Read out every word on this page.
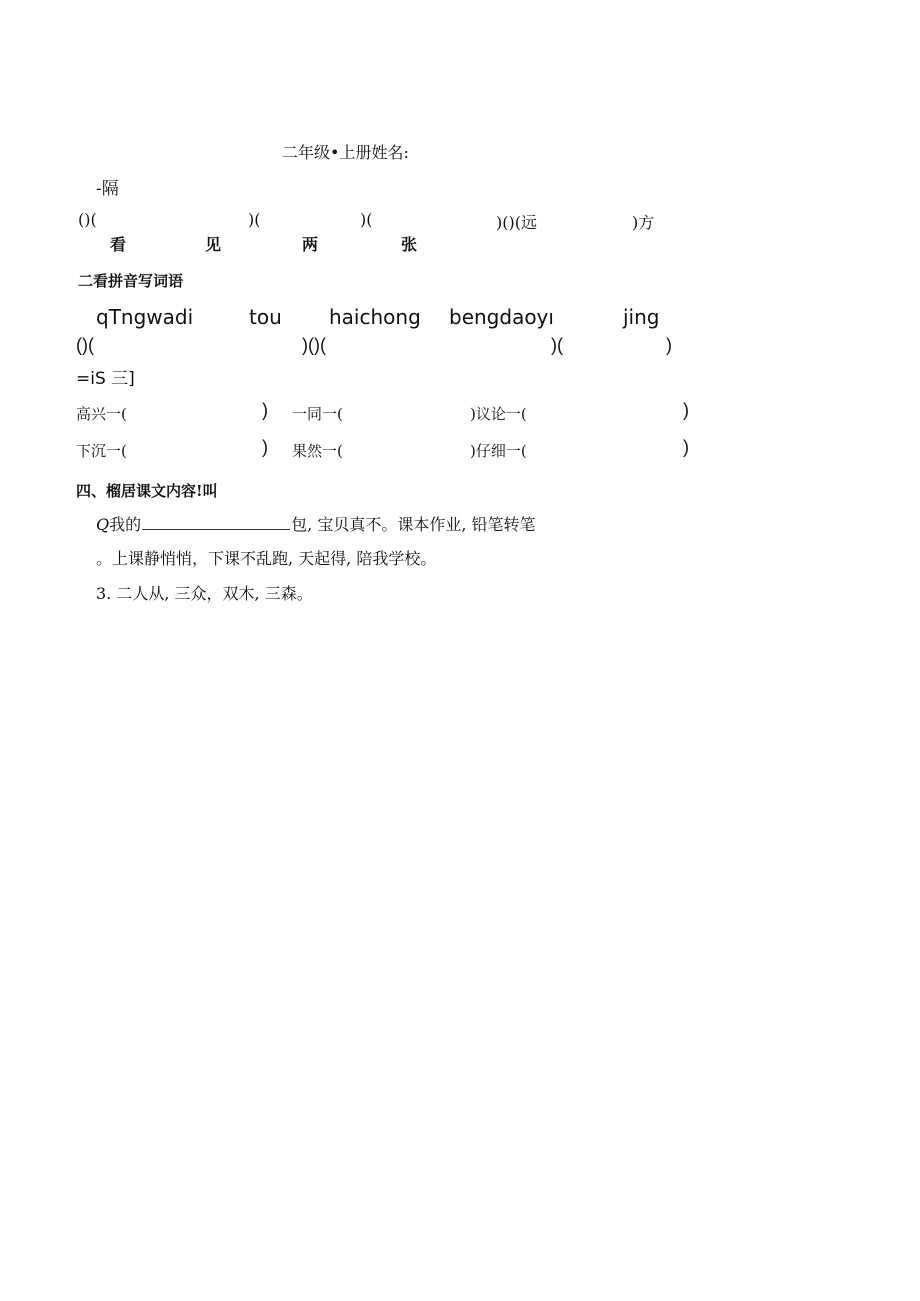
二年级•上册姓名:
-隔
()(	)(	)(	)()(远	)方
看	见	两	张
二看拼音写词语
qTngwadi	tou haichong bengdaoyı	jing
()(	)()(	)(	)
=iS 三]
高兴一(	) 一同一(	)议论一(	)
下沉一(	) 果然一(	)仔细一(	)
四、榴居课文内容!叫
Q我的	包, 宝贝真不。课本作业, 铅笔转笔
。上课静悄悄，下课不乱跑, 天起得, 陪我学校。
3. 二人从, 三众，双木, 三森。
